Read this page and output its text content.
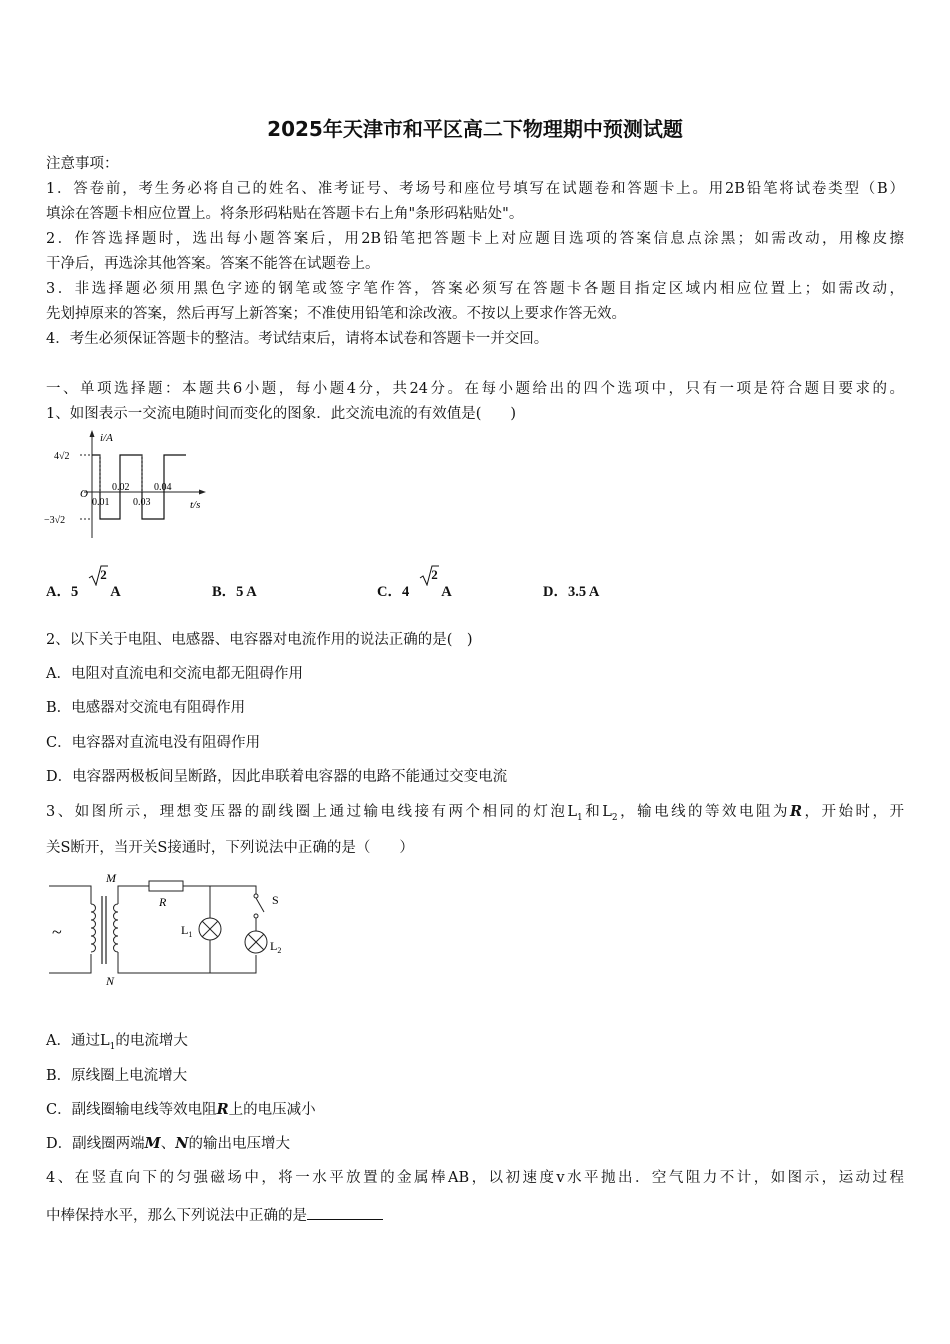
2025年天津市和平区高二下物理期中预测试题
注意事项：
1．答卷前，考生务必将自己的姓名、准考证号、考场号和座位号填写在试题卷和答题卡上。用2B铅笔将试卷类型（B）
填涂在答题卡相应位置上。将条形码粘贴在答题卡右上角"条形码粘贴处"。
2．作答选择题时，选出每小题答案后，用2B铅笔把答题卡上对应题目选项的答案信息点涂黑；如需改动，用橡皮擦
干净后，再选涂其他答案。答案不能答在试题卷上。
3．非选择题必须用黑色字迹的钢笔或签字笔作答，答案必须写在答题卡各题目指定区域内相应位置上；如需改动，
先划掉原来的答案，然后再写上新答案；不准使用铅笔和涂改液。不按以上要求作答无效。
4．考生必须保证答题卡的整洁。考试结束后，请将本试卷和答题卡一并交回。
一、单项选择题：本题共6小题，每小题4分，共24分。在每小题给出的四个选项中，只有一项是符合题目要求的。
1、如图表示一交流电随时间而变化的图象．此交流电流的有效值是(　　)
i/A
t/s
O
4√2
−3√2
0.01
0.02
0.03
0.04
A．5
2
A	B．5 A	C．4
2
A	D．3.5 A
2、以下关于电阻、电感器、电容器对电流作用的说法正确的是(　)
A．电阻对直流电和交流电都无阻碍作用
B．电感器对交流电有阻碍作用
C．电容器对直流电没有阻碍作用
D．电容器两极板间呈断路，因此串联着电容器的电路不能通过交变电流
3、如图所示，理想变压器的副线圈上通过输电线接有两个相同的灯泡$L_1$和$L_2$，输电线的等效电阻为R，开始时，开
关S断开，当开关S接通时，下列说法中正确的是（　　）
~
M
N
R
$L_1$
S
$L_2$
A．通过$L_1$的电流增大
B．原线圈上电流增大
C．副线圈输电线等效电阻R上的电压减小
D．副线圈两端M、N的输出电压增大
4、在竖直向下的匀强磁场中，将一水平放置的金属棒AB，以初速度v水平抛出．空气阻力不计，如图示，运动过程
中棒保持水平，那么下列说法中正确的是
